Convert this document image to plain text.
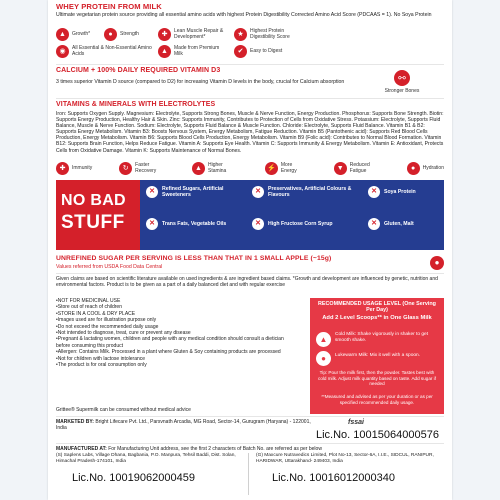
WHEY PROTEIN FROM MILK
Ultimate vegetarian protein source providing all essential amino acids with highest Protein Digestibility Corrected Amino Acid Score (PDCAAS = 1). No Soya Protein
▲	Growth*	●	Strength	✚	Lean Muscle Repair & Development*	★	Highest Protein Digestibility Score
◉	All Essential & Non-Essential Amino Acids	▲	Made from Premium Milk	✔	Easy to Digest
CALCIUM + 100% DAILY REQUIRED VITAMIN D3
3 times superior Vitamin D source (compared to D2) for increasing Vitamin D levels in the body, crucial for Calcium absorption	⚯
Stronger Bones
VITAMINS & MINERALS WITH ELECTROLYTES
Iron: Supports Oxygen Supply. Magnesium: Electrolyte, Supports Strong Bones, Muscle & Nerve Function, Energy Production. Phosphorus: Supports Bone Strength. Biotin: Supports Energy Production, Healthy Hair & Skin. Zinc: Supports Immunity, Contributes to Protection of Cells from Oxidative Stress. Potassium: Electrolyte, Supports Fluid Balance, Muscle & Nerve Function. Sodium: Electrolyte, Supports Fluid Balance & Muscle Function. Chloride: Electrolyte, Supports Fluid Balance. Vitamin B1 & B2: Supports Energy Metabolism. Vitamin B3: Boosts Nervous System, Energy Metabolism, Fatigue Reduction. Vitamin B5 (Pantothenic acid): Supports Red Blood Cells Production, Energy Metabolism. Vitamin B6: Supports Blood Cells Production, Energy Metabolism. Vitamin B9 (Folic acid): Contributes to Normal Blood Formation. Vitamin B12: Supports Brain Function, Helps Reduce Fatigue. Vitamin A: Supports Eye Health. Vitamin C: Supports Immunity & Energy Metabolism. Vitamin E: Antioxidant, Protects Cells from Oxidative Damage. Vitamin K: Supports Maintenance of Normal Bones.
✚	Immunity	↻	Faster Recovery	▲	Higher Stamina	⚡	More Energy	▼	Reduced Fatigue	●	Hydration
NO BAD
STUFF
✕	Refined Sugars, Artificial Sweeteners	✕	Preservatives, Artificial Colours & Flavours	✕	Soya Protein
✕	Trans Fats, Vegetable Oils	✕	High Fructose Corn Syrup	✕	Gluten, Malt
UNREFINED SUGAR PER SERVING IS LESS THAN THAT IN 1 SMALL APPLE (~15g)
Values referred from USDA Food Data Central	●
Given claims are based on scientific literature available on used ingredients & are ingredient based claims. *Growth and development are influenced by genetic, nutrition and environmental factors. Product is to be given as a part of a daily balanced diet and with regular exercise
• NOT FOR MEDICINAL USE
• Store out of reach of children
• STORE IN A COOL & DRY PLACE
• Images used are for illustration purpose only
• Do not exceed the recommended daily usage
• Not intended to diagnose, treat, cure or prevent any disease
• Pregnant & lactating women, children and people with any medical condition should consult a dietician before consuming this product
• Allergen: Contains Milk. Processed in a plant where Gluten & Soy containing products are processed
• Not for children with lactose intolerance
• The product is for oral consumption only
Grittee® Supermilk can be consumed without medical advice
RECOMMENDED USAGE LEVEL (One Serving Per Day)
Add 2 Level Scoops** in One Glass Milk
▲
Cold Milk: Shake vigorously in shaker to get smooth shake.
●	Lukewarm Milk: Mix it well with a spoon.
Tip: Pour the milk first, then the powder. Tastes best with cold milk. Adjust milk quantity based on taste. Add sugar if needed
**Measured and advised as per your duration or as per specified recommended daily usage.
MARKETED BY: Bright Lifecare Pvt. Ltd., Parsvnath Arcadia, MG Road, Sector-14, Gurugram (Haryana) - 122001, India
fssai
Lic.No. 10015064000576
MANUFACTURED AT: For Manufacturing Unit address, see the first 2 characters of Batch No. are referred as per below
(S) Saplens Labs, Village Dhana, Bagbania, P.O. Manpura, Tehsil Baddi, Dist. Solan, Himachal Pradesh-174101, India
(G) Maxcure Nutravedics Limited, Plot No-13, Sector-6A, I.I.E., SIDCUL, RANIPUR, HARIDWAR, Uttarakhand- 249403, India
Lic.No. 10019062000459	Lic.No. 10016012000340
